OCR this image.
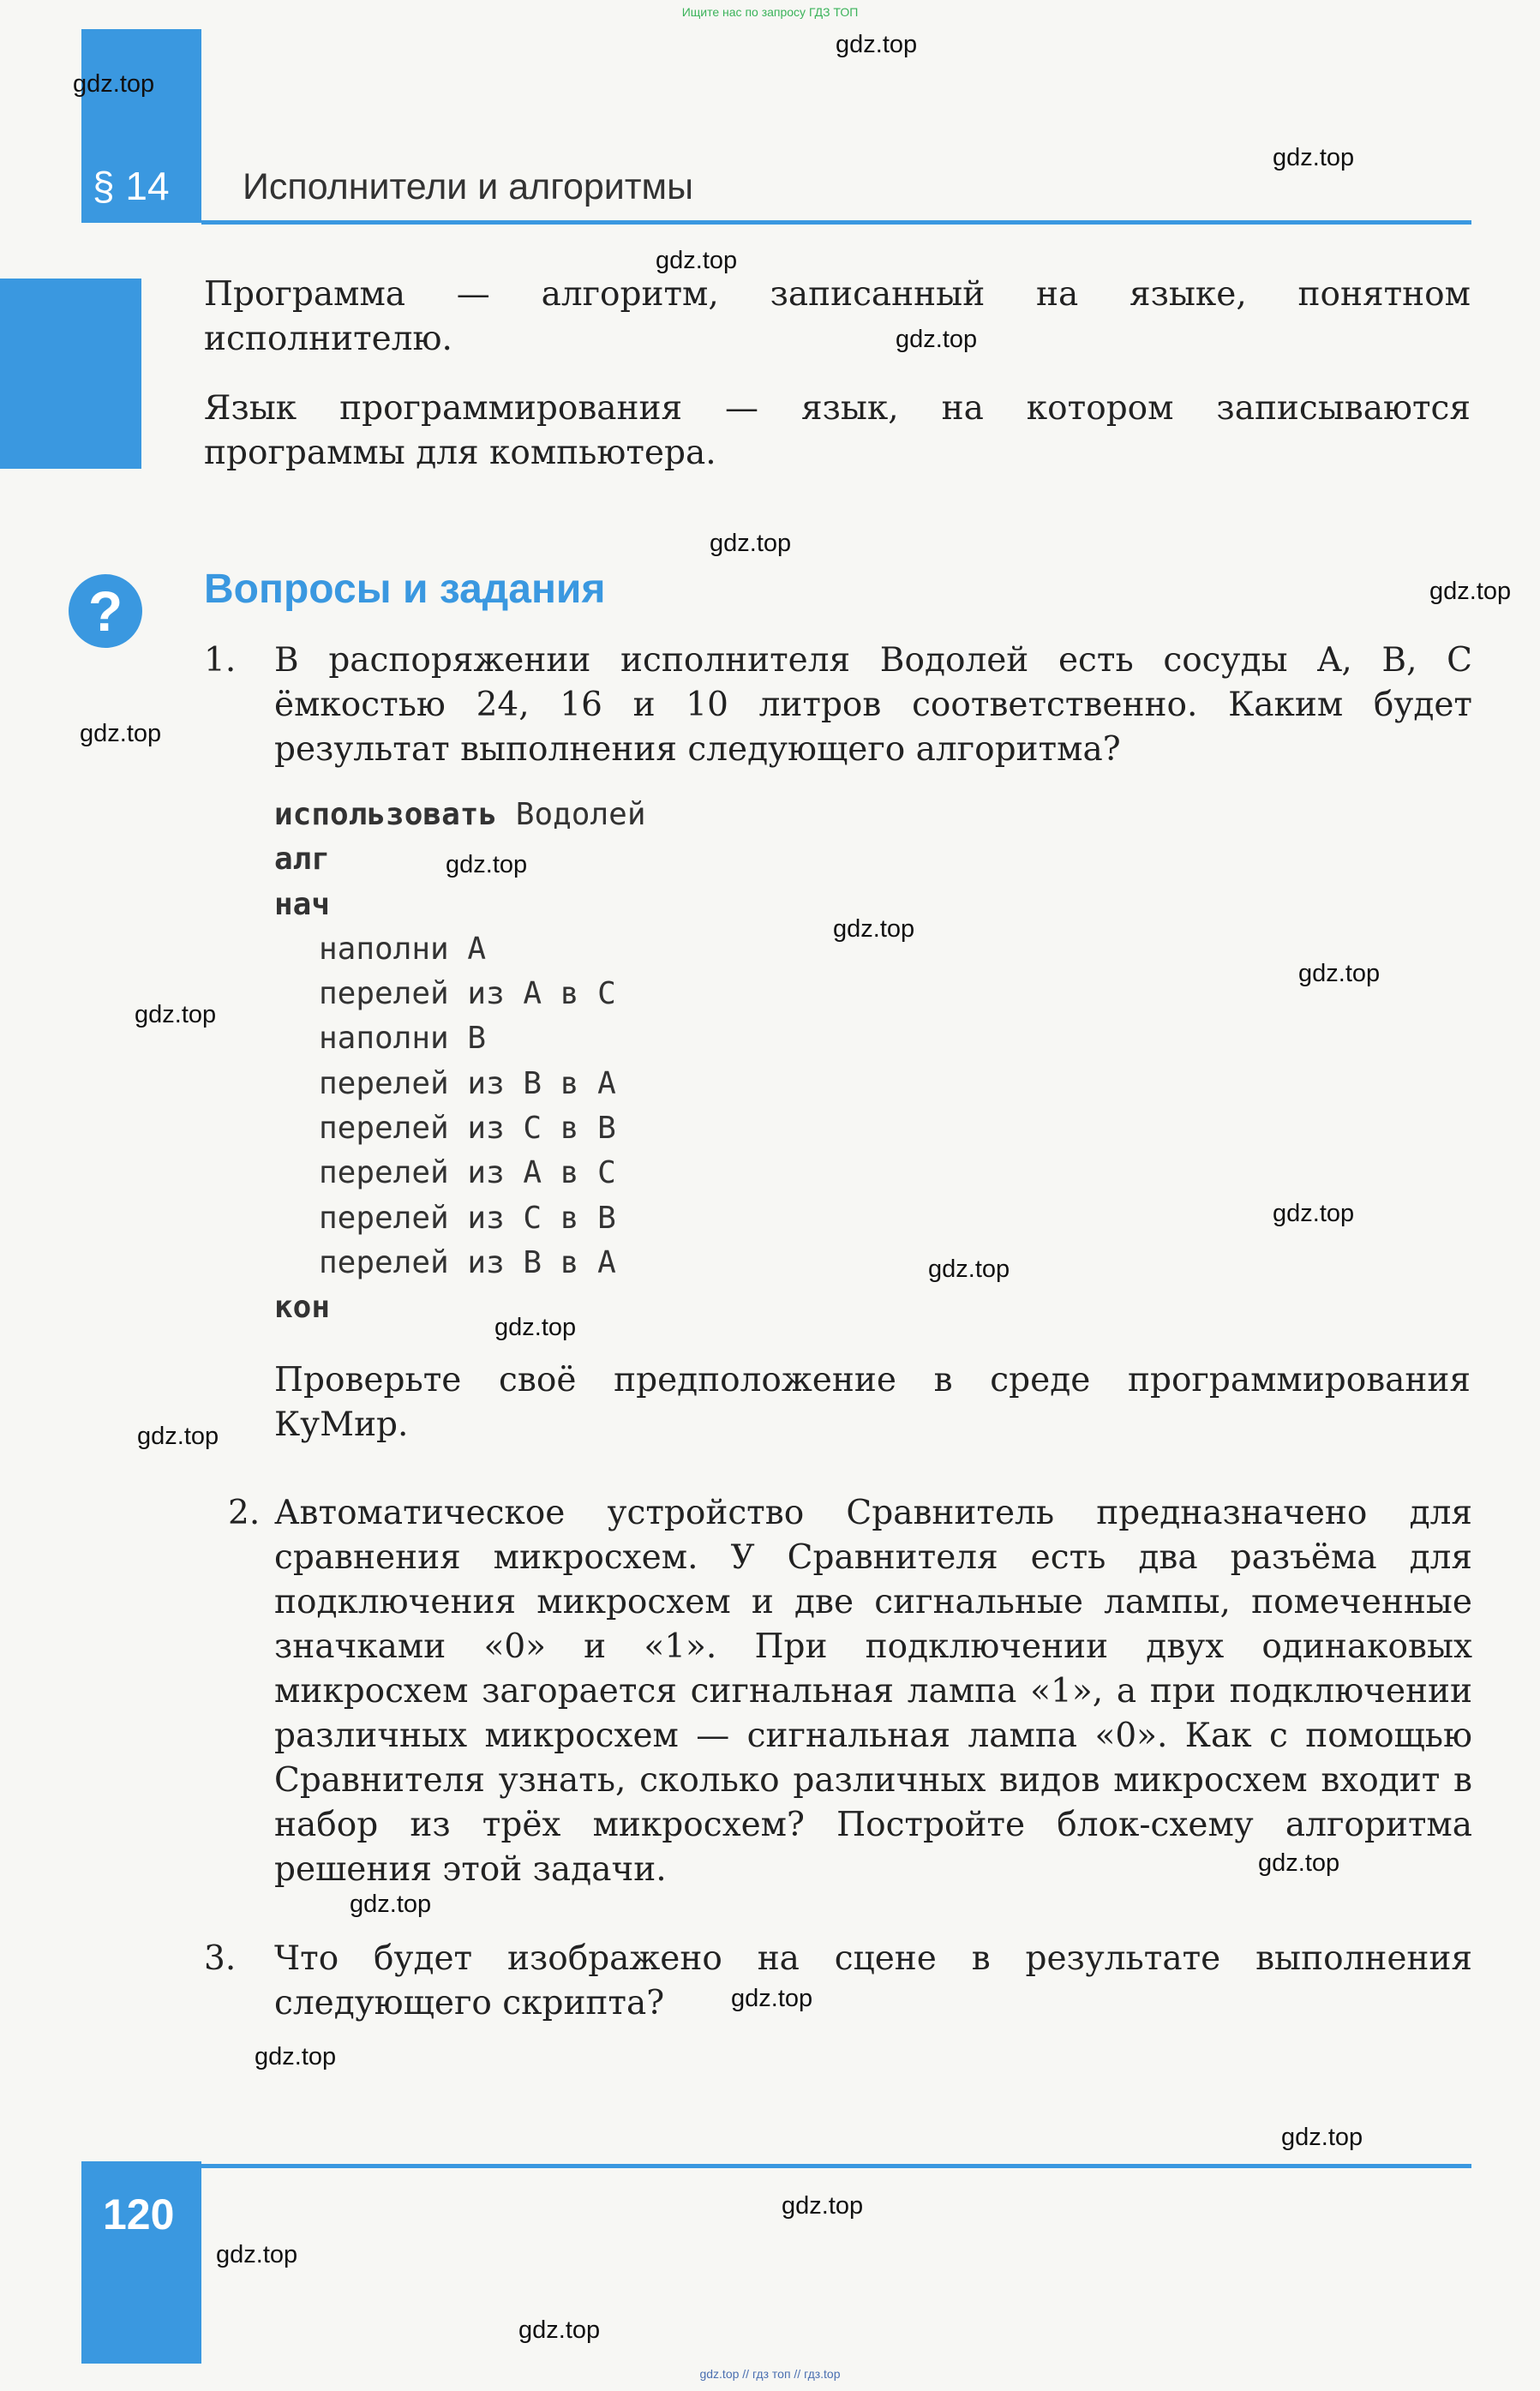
Ищите нас по запросу ГДЗ ТОП
§ 14 Исполнители и алгоритмы

Программа — алгоритм, записанный на языке, понятном исполнителю.

Язык программирования — язык, на котором записываются программы для компьютера.

?	Вопросы и задания
1. В распоряжении исполнителя Водолей есть сосуды A, B, C ёмкостью 24, 16 и 10 литров соответственно. Каким будет результат выполнения следующего алгоритма?
использовать Водолей
алг
нач
наполни A
перелей из A в C
наполни B
перелей из B в A
перелей из C в B
перелей из A в C
перелей из C в B
перелей из B в A
кон

Проверьте своё предположение в среде программирования КуМир.

2. Автоматическое устройство Сравнитель предназначено для сравнения микросхем. У Сравнителя есть два разъёма для подключения микросхем и две сигнальные лампы, помеченные значками «0» и «1». При подключении двух одинаковых микросхем загорается сигнальная лампа «1», а при подключении различных микросхем — сигнальная лампа «0». Как с помощью Сравнителя узнать, сколько различных видов микросхем входит в набор из трёх микросхем? Постройте блок-схему алгоритма решения этой задачи.
3. Что будет изображено на сцене в результате выполнения следующего скрипта?
120
gdz.top
gdz.top
gdz.top
gdz.top
gdz.top
gdz.top
gdz.top
gdz.top
gdz.top
gdz.top
gdz.top
gdz.top
gdz.top
gdz.top
gdz.top
gdz.top
gdz.top
gdz.top
gdz.top
gdz.top
gdz.top
gdz.top
gdz.top
gdz.top
gdz.top // гдз топ // гдз.top
